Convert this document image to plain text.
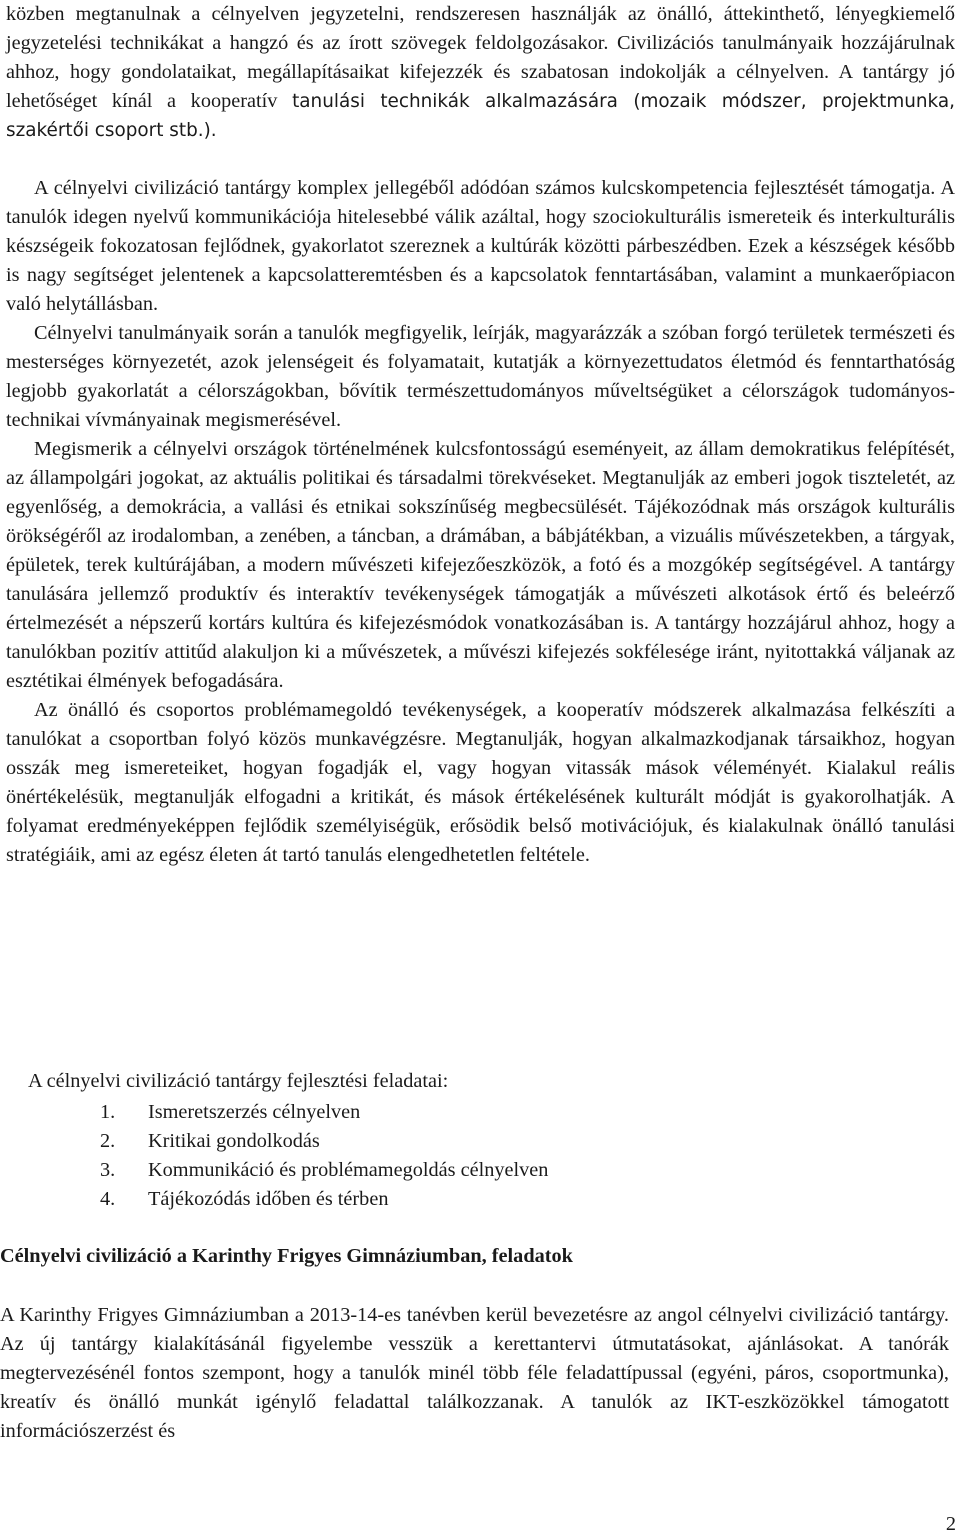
közben megtanulnak a célnyelven jegyzetelni, rendszeresen használják az önálló, áttekinthető, lényegkiemelő jegyzetelési technikákat a hangzó és az írott szövegek feldolgozásakor. Civilizációs tanulmányaik hozzájárulnak ahhoz, hogy gondolataikat, megállapításaikat kifejezzék és szabatosan indokolják a célnyelven. A tantárgy jó lehetőséget kínál a kooperatív tanulási technikák alkalmazására (mozaik módszer, projektmunka, szakértői csoport stb.).

A célnyelvi civilizáció tantárgy komplex jellegéből adódóan számos kulcskompetencia fejlesztését támogatja. A tanulók idegen nyelvű kommunikációja hitelesebbé válik azáltal, hogy szociokulturális ismereteik és interkulturális készségeik fokozatosan fejlődnek, gyakorlatot szereznek a kultúrák közötti párbeszédben. Ezek a készségek később is nagy segítséget jelentenek a kapcsolatteremtésben és a kapcsolatok fenntartásában, valamint a munkaerőpiacon való helytállásban.

Célnyelvi tanulmányaik során a tanulók megfigyelik, leírják, magyarázzák a szóban forgó területek természeti és mesterséges környezetét, azok jelenségeit és folyamatait, kutatják a környezettudatos életmód és fenntarthatóság legjobb gyakorlatát a célországokban, bővítik természettudományos műveltségüket a célországok tudományos-technikai vívmányainak megismerésével.

Megismerik a célnyelvi országok történelmének kulcsfontosságú eseményeit, az állam demokratikus felépítését, az állampolgári jogokat, az aktuális politikai és társadalmi törekvéseket. Megtanulják az emberi jogok tiszteletét, az egyenlőség, a demokrácia, a vallási és etnikai sokszínűség megbecsülését. Tájékozódnak más országok kulturális örökségéről az irodalomban, a zenében, a táncban, a drámában, a bábjátékban, a vizuális művészetekben, a tárgyak, épületek, terek kultúrájában, a modern művészeti kifejezőeszközök, a fotó és a mozgókép segítségével. A tantárgy tanulására jellemző produktív és interaktív tevékenységek támogatják a művészeti alkotások értő és beleérző értelmezését a népszerű kortárs kultúra és kifejezésmódok vonatkozásában is. A tantárgy hozzájárul ahhoz, hogy a tanulókban pozitív attitűd alakuljon ki a művészetek, a művészi kifejezés sokfélesége iránt, nyitottakká váljanak az esztétikai élmények befogadására.

Az önálló és csoportos problémamegoldó tevékenységek, a kooperatív módszerek alkalmazása felkészíti a tanulókat a csoportban folyó közös munkavégzésre. Megtanulják, hogyan alkalmazkodjanak társaikhoz, hogyan osszák meg ismereteiket, hogyan fogadják el, vagy hogyan vitassák mások véleményét. Kialakul reális önértékelésük, megtanulják elfogadni a kritikát, és mások értékelésének kulturált módját is gyakorolhatják. A folyamat eredményeképpen fejlődik személyiségük, erősödik belső motivációjuk, és kialakulnak önálló tanulási stratégiáik, ami az egész életen át tartó tanulás elengedhetetlen feltétele.

A célnyelvi civilizáció tantárgy fejlesztési feladatai:

1.	Ismeretszerzés célnyelven
2.	Kritikai gondolkodás
3.	Kommunikáció és problémamegoldás célnyelven
4.	Tájékozódás időben és térben
Célnyelvi civilizáció a Karinthy Frigyes Gimnáziumban, feladatok

A Karinthy Frigyes Gimnáziumban a 2013-14-es tanévben kerül bevezetésre az angol célnyelvi civilizáció tantárgy. Az új tantárgy kialakításánál figyelembe vesszük a kerettantervi útmutatásokat, ajánlásokat. A tanórák megtervezésénél fontos szempont, hogy a tanulók minél több féle feladattípussal (egyéni, páros, csoportmunka), kreatív és önálló munkát igénylő feladattal találkozzanak. A tanulók az IKT-eszközökkel támogatott információszerzést és

2
